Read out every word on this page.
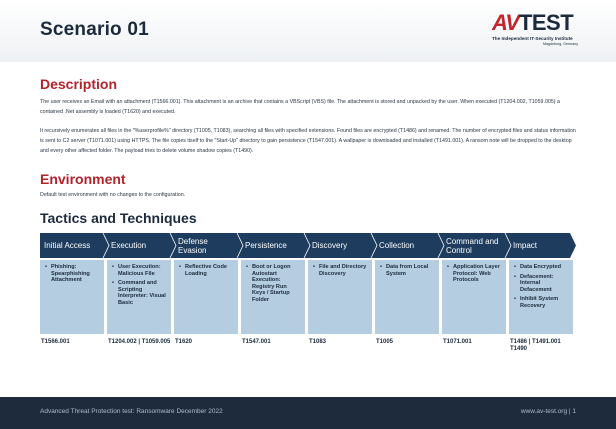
Scenario 01	AV TEST
The Independent IT-Security Institute
Magdeburg, Germany
Description

The user receives an Email with an attachment (T1566.001). This attachment is an archive that contains a VBScript (VBS) file. The attachment is stored and unpacked by the user. When executed (T1204.002, T1059.005) a contained .Net assembly is loaded (T1620) and executed.

It recursively enumerates all files in the "%userprofile%" directory (T1005, T1083), searching all files with specified extensions. Found files are encrypted (T1486) and renamed. The number of encrypted files and status information is sent to C2 server (T1071.001) using HTTPS. The file copies itself to the "Start-Up" directory to gain persistence (T1547.001). A wallpaper is downloaded and installed (T1491.001). A ransom note will be dropped to the desktop and every other affected folder. The payload tries to delete volume shadow copies (T1490).

Environment

Default test environment with no changes to the configuration.

Tactics and Techniques
Initial Access
• Phishing: Spearphishing Attachment
T1566.001
Execution
• User Execution: Malicious File
• Command and Scripting Interpreter: Visual Basic
T1204.002 | T1059.005
Defense Evasion
• Reflective Code Loading
T1620
Persistence
• Boot or Logon Autostart Execution: Registry Run Keys / Startup Folder
T1547.001
Discovery
• File and Directory Discovery
T1083
Collection
• Data from Local System
T1005
Command and Control
• Application Layer Protocol: Web Protocols
T1071.001
Impact
• Data Encrypted
• Defacement: Internal Defacement
• Inhibit System Recovery
T1486 | T1491.001 T1490
Advanced Threat Protection test: Ransomware December 2022	www.av-test.org | 1
